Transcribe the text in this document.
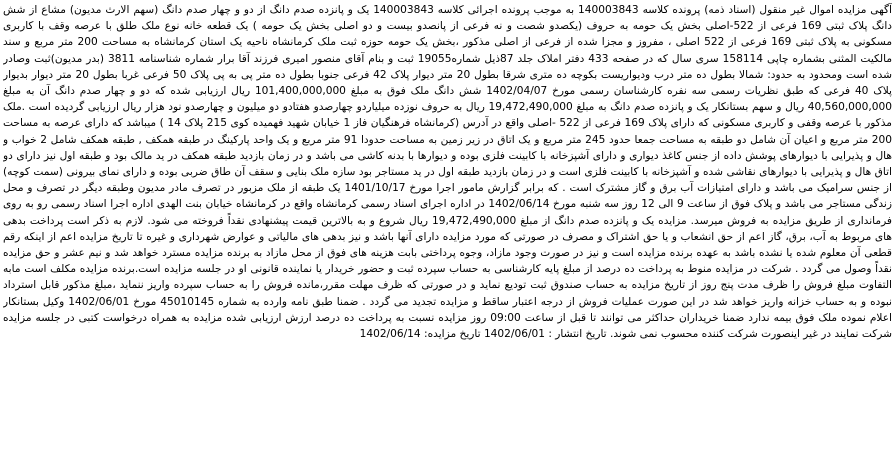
آگهی مزایده اموال غیر منقول (اسناد ذمه) پرونده کلاسه 140003843 به موجب پرونده اجرائی کلاسه 140003843 یک و پانزده صدم دانگ از دو و چهار صدم دانگ (سهم الارث مدیون) مشاع از شش دانگ پلاک ثبتی 169 فرعی از 522-اصلی بخش یک حومه به حروف (یکصدو شصت و نه فرعی از پانصدو بیست و دو اصلی بخش یک حومه ) یک قطعه خانه نوع ملک طلق با عرصه وقف با کاربری مسکونی به پلاک ثبتی 169 فرعی از 522 اصلی ، مفروز و مجزا شده از فرعی از اصلی مذکور ،بخش یک حومه حوزه ثبت ملک کرمانشاه ناحیه یک استان کرمانشاه به مساحت 200 متر مربع و سند مالکیت المثنی بشماره چاپی 158114 سری سال که در صفحه 433 دفتر املاک جلد 87ذیل شماره19055 ثبت و بنام آقای منصور امیری فرزند آقا برار شماره شناسنامه 3811 (بدر مدیون)ثبت وصادر شده است ومحدود به حدود: شمالا بطول ده متر درب ودیواریست بکوچه ده متری شرقا بطول 20 متر دیوار پلاک 42 فرعی جنوبا بطول ده متر پی به پی پلاک 50 فرعی غربا بطول 20 متر دیوار بدیوار پلاک 40 فرعی که طبق نظریات رسمی سه نفره کارشناسان رسمی مورخ 1402/04/07 شش دانگ ملک فوق به مبلغ 101,400,000,000 ریال ارزیابی شده که دو و چهار صدم دانگ آن به مبلغ 40,560,000,000 ریال و سهم بستانکار یک و پانزده صدم دانگ به مبلغ 19,472,490,000 ریال به حروف نوزده میلیاردو چهارصدو هفتادو دو میلیون و چهارصدو نود هزار ریال ارزیابی گردیده است .ملک مذکور با عرصه وقفی و کاربری مسکونی که دارای پلاک 169 فرعی از 522 -اصلی واقع در آدرس (کرمانشاه فرهنگیان فاز 1 خیابان شهید فهمیده کوی 215 پلاک 14 ) میباشد که دارای عرصه به مساحت 200 متر مربع و اعیان آن شامل دو طبقه به مساحت جمعا حدود 245 متر مربع و یک اتاق در زیر زمین به مساحت حدودا 91 متر مربع و یک واحد پارکینگ در طبقه همکف , طبقه همکف شامل 2 خواب و هال و پذیرایی با دیوارهای پوشش داده از جنس کاغذ دیواری و دارای آشپزخانه با کابینت فلزی بوده و دیوارها با بدنه کاشی می باشد و در زمان بازدید طبقه همکف در ید مالک بود و طبقه اول نیز دارای دو اتاق هال و پذیرایی با دیوارهای نقاشی شده و آشپزخانه با کابینت فلزی است و در زمان بازدید طبقه اول در ید مستاجر بود سازه ملک بنایی و سقف آن طاق ضربی بوده و دارای نمای بیرونی (سمت کوچه) از جنس سرامیک می باشد و دارای امتیازات آب برق و گاز مشترک است . که برابر گزارش مامور اجرا مورخ 1401/10/17 یک طبقه از ملک مزبور در تصرف مادر مدیون وطبقه دیگر در تصرف و محل زندگی مستاجر می باشد و پلاک فوق از ساعت 9 الی 12 روز سه شنبه مورخ 1402/06/14 در اداره اجرای اسناد رسمی کرمانشاه واقع در کرمانشاه خیابان بنت الهدی اداره اجرا اسناد رسمی رو به روی فرمانداری از طریق مزایده به فروش میرسد. مزایده یک و پانزده صدم دانگ از مبلغ 19,472,490,000 ریال شروع و به بالاترین قیمت پیشنهادی نقداً فروخته می شود. لازم به ذکر است پرداخت بدهی های مربوط به آب، برق، گاز اعم از حق انشعاب و یا حق اشتراک و مصرف در صورتی که مورد مزایده دارای آنها باشد و نیز بدهی های مالیاتی و عوارض شهرداری و غیره تا تاریخ مزایده اعم از اینکه رقم قطعی آن معلوم شده یا نشده باشد به عهده برنده مزایده است و نیز در صورت وجود مازاد، وجوه پرداختی بابت هزینه های فوق از محل مازاد به برنده مزایده مسترد خواهد شد و نیم عشر و حق مزایده نقداً وصول می گردد . شرکت در مزایده منوط به پرداخت ده درصد از مبلغ پایه کارشناسی به حساب سپرده ثبت و حضور خریدار یا نماینده قانونی او در جلسه مزایده است.برنده مزایده مکلف است مابه التفاوت مبلغ فروش را ظرف مدت پنج روز از تاریخ مزایده به حساب صندوق ثبت تودیع نماید و در صورتی که ظرف مهلت مقرر،مانده فروش را به حساب سپرده واریز ننماید ،مبلغ مذکور قابل استرداد نبوده و به حساب خزانه واریز خواهد شد در این صورت عملیات فروش از درجه اعتبار ساقط و مزایده تجدید می گردد . ضمنا طبق نامه وارده به شماره 45010145 مورخ 1402/06/01 وکیل بستانکار اعلام نموده ملک فوق بیمه ندارد ضمنا خریداران حداکثر می توانند تا قبل از ساعت 09:00 روز مزایده نسبت به پرداخت ده درصد ارزش ارزیابی شده مزایده به همراه درخواست کتبی در جلسه مزایده شرکت نمایند در غیر اینصورت شرکت کننده محسوب نمی شوند. تاریخ انتشار : 1402/06/01 تاریخ مزایده: 1402/06/14
